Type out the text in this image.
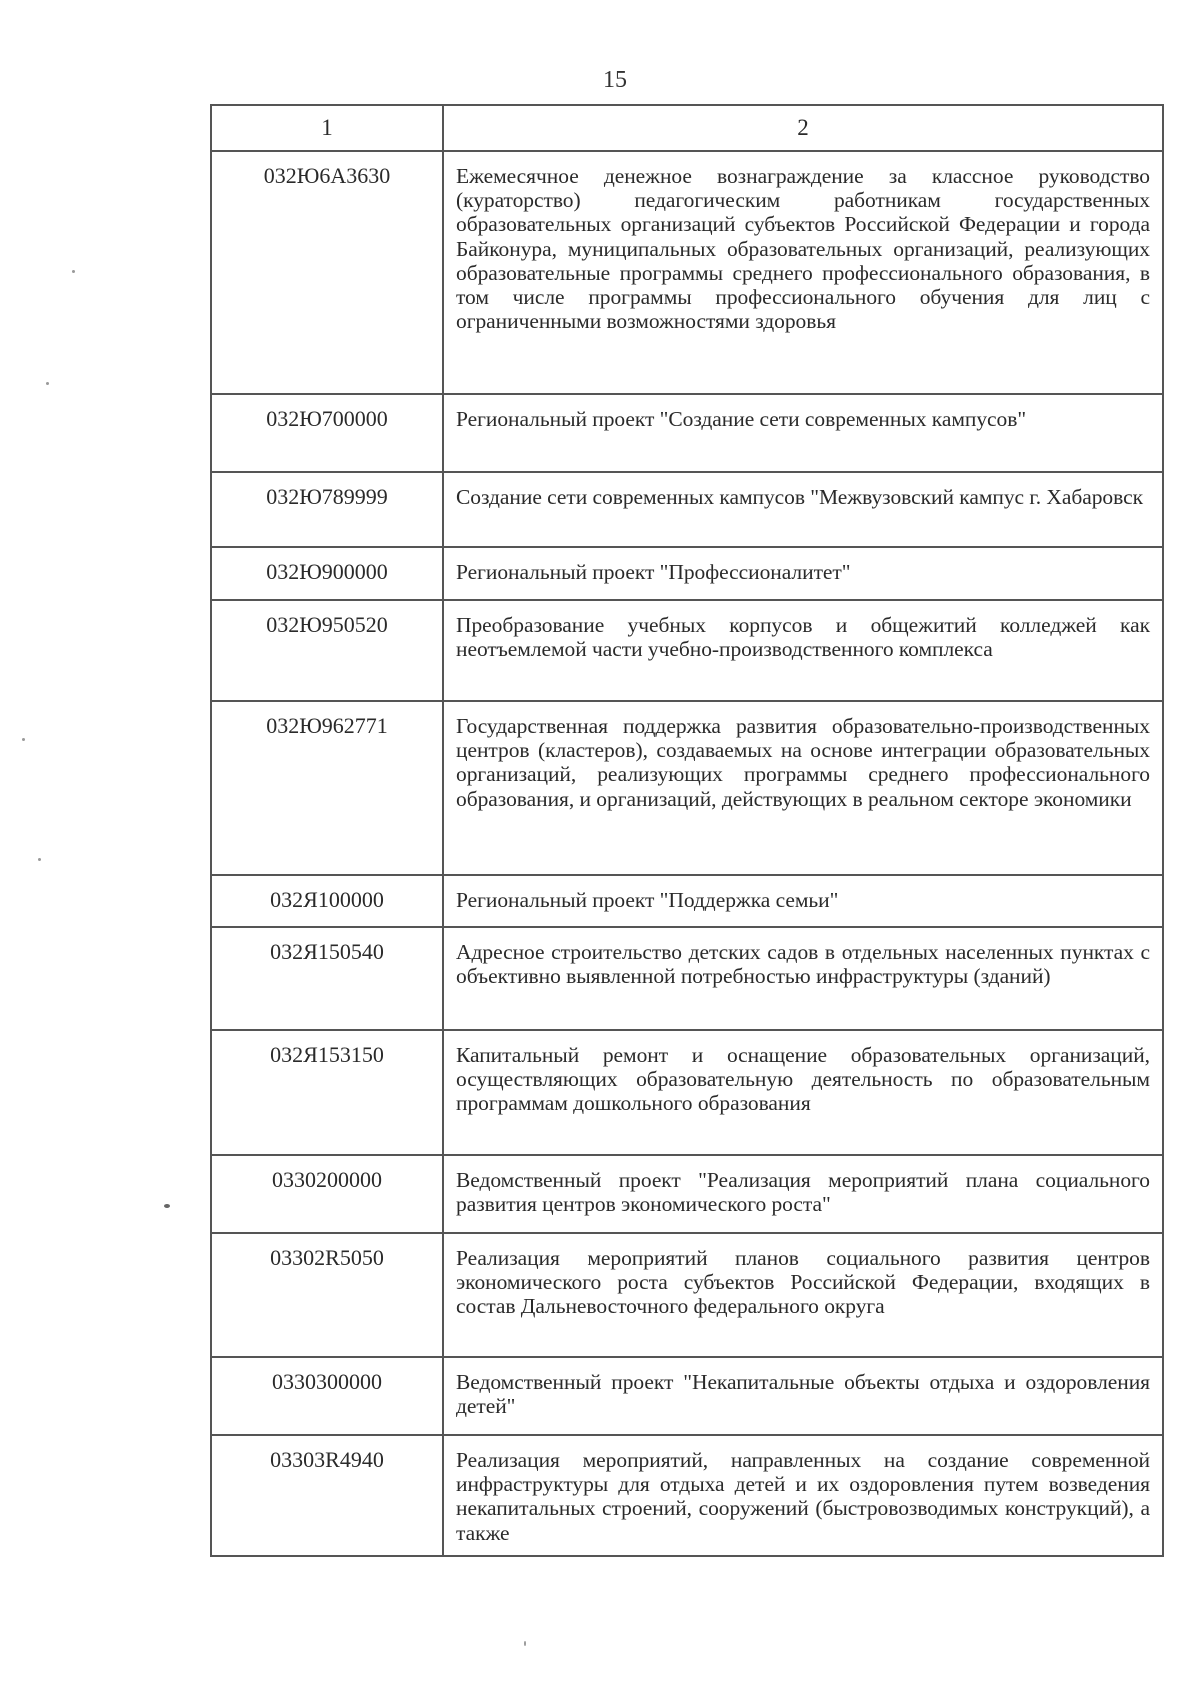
15
1	2
032Ю6А3630	Ежемесячное денежное вознаграждение за классное руководство (кураторство) педагогическим работникам государственных образовательных организаций субъектов Российской Федерации и города Байконура, муниципальных образовательных организаций, реализующих образовательные программы среднего профессионального образования, в том числе программы профессионального обучения для лиц с ограниченными возможностями здоровья
032Ю700000	Региональный проект "Создание сети современных кампусов"
032Ю789999	Создание сети современных кампусов "Межвузовский кампус г. Хабаровск
032Ю900000	Региональный проект "Профессионалитет"
032Ю950520	Преобразование учебных корпусов и общежитий колледжей как неотъемлемой части учебно-производственного комплекса
032Ю962771	Государственная поддержка развития образовательно-производственных центров (кластеров), создаваемых на основе интеграции образовательных организаций, реализующих программы среднего профессионального образования, и организаций, действующих в реальном секторе экономики
032Я100000	Региональный проект "Поддержка семьи"
032Я150540	Адресное строительство детских садов в отдельных населенных пунктах с объективно выявленной потребностью инфраструктуры (зданий)
032Я153150	Капитальный ремонт и оснащение образовательных организаций, осуществляющих образовательную деятельность по образовательным программам дошкольного образования
0330200000	Ведомственный проект "Реализация мероприятий плана социального развития центров экономического роста"
03302R5050	Реализация мероприятий планов социального развития центров экономического роста субъектов Российской Федерации, входящих в состав Дальневосточного федерального округа
0330300000	Ведомственный проект "Некапитальные объекты отдыха и оздоровления детей"
03303R4940	Реализация мероприятий, направленных на создание современной инфраструктуры для отдыха детей и их оздоровления путем возведения некапитальных строений, сооружений (быстровозводимых конструкций), а также
